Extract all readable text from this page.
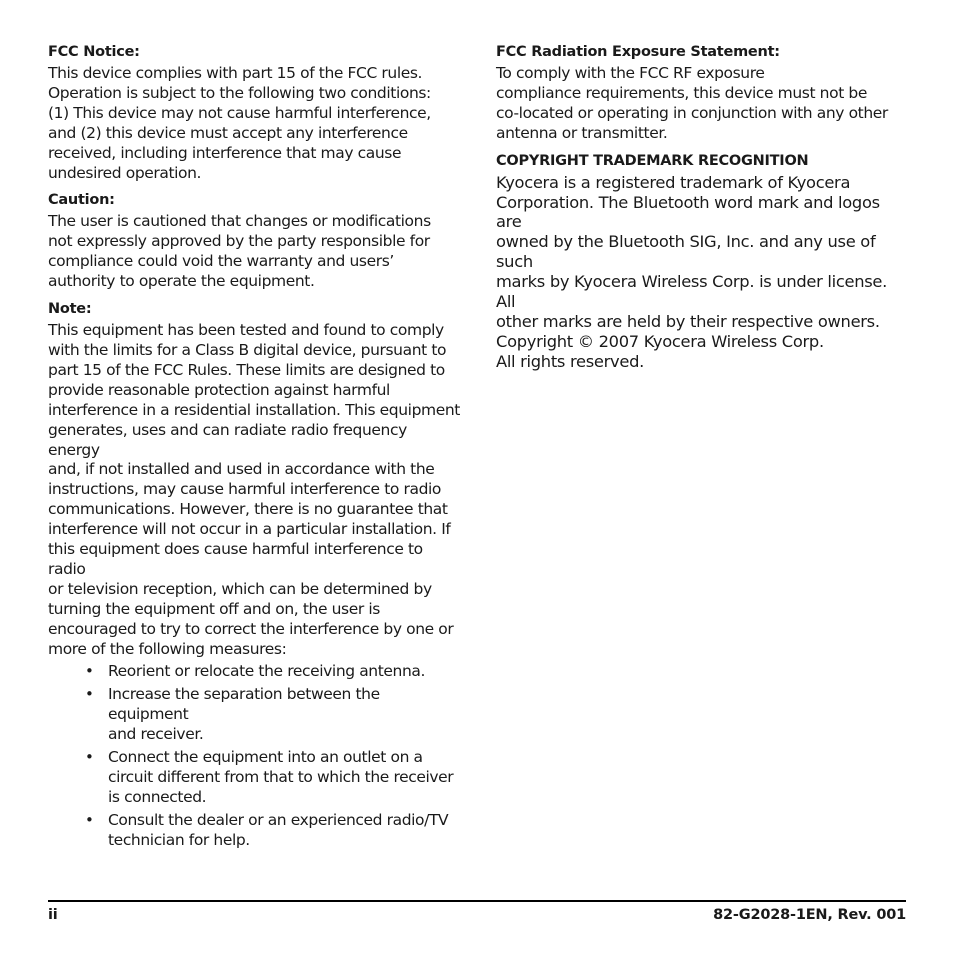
FCC Notice:
This device complies with part 15 of the FCC rules.
Operation is subject to the following two conditions:
(1) This device may not cause harmful interference,
and (2) this device must accept any interference
received, including interference that may cause
undesired operation.
Caution:
The user is cautioned that changes or modifications
not expressly approved by the party responsible for
compliance could void the warranty and users’
authority to operate the equipment.
Note:
This equipment has been tested and found to comply
with the limits for a Class B digital device, pursuant to
part 15 of the FCC Rules. These limits are designed to
provide reasonable protection against harmful
interference in a residential installation. This equipment
generates, uses and can radiate radio frequency energy
and, if not installed and used in accordance with the
instructions, may cause harmful interference to radio
communications. However, there is no guarantee that
interference will not occur in a particular installation. If
this equipment does cause harmful interference to radio
or television reception, which can be determined by
turning the equipment off and on, the user is
encouraged to try to correct the interference by one or
more of the following measures:
• Reorient or relocate the receiving antenna.
• Increase the separation between the equipment
and receiver.
• Connect the equipment into an outlet on a
circuit different from that to which the receiver
is connected.
• Consult the dealer or an experienced radio/TV
technician for help.
FCC Radiation Exposure Statement:
To comply with the FCC RF exposure
compliance requirements, this device must not be
co-located or operating in conjunction with any other
antenna or transmitter.
COPYRIGHT TRADEMARK RECOGNITION
Kyocera is a registered trademark of Kyocera
Corporation. The Bluetooth word mark and logos are
owned by the Bluetooth SIG, Inc. and any use of such
marks by Kyocera Wireless Corp. is under license. All
other marks are held by their respective owners.
Copyright © 2007 Kyocera Wireless Corp.
All rights reserved.
ii	82-G2028-1EN, Rev. 001
